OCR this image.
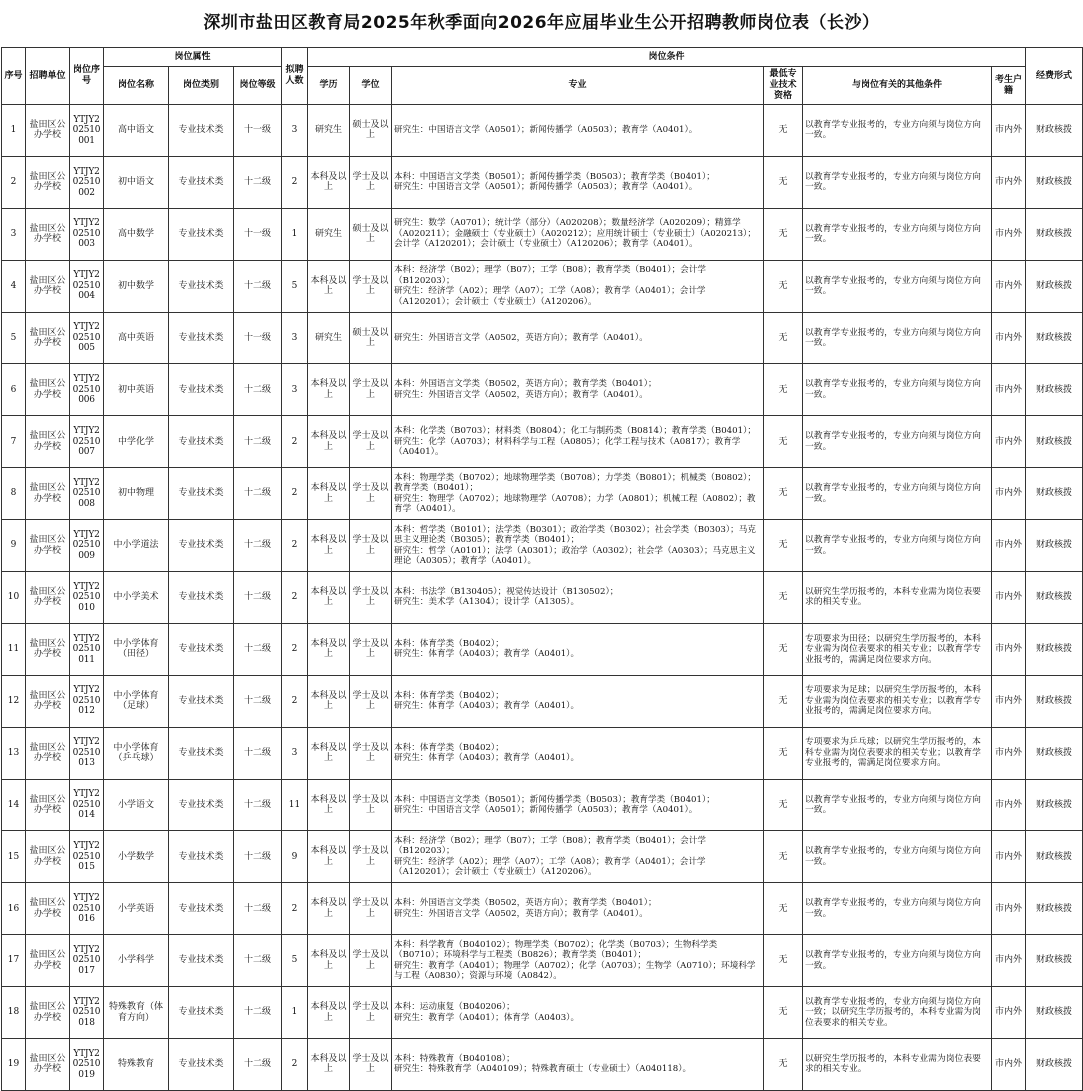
深圳市盐田区教育局2025年秋季面向2026年应届毕业生公开招聘教师岗位表（长沙）
序号	招聘单位	岗位序号	岗位属性			拟聘人数	岗位条件						经费形式
			岗位名称	岗位类别	岗位等级		学历	学位	专业	最低专业技术资格	与岗位有关的其他条件	考生户籍	
1	盐田区公办学校	YTJY202510001	高中语文	专业技术类	十一级	3	研究生	硕士及以上	研究生：中国语言文学（A0501）；新闻传播学（A0503）；教育学（A0401）。	无	以教育学专业报考的，专业方向须与岗位方向一致。	市内外	财政核拨
2	盐田区公办学校	YTJY202510002	初中语文	专业技术类	十二级	2	本科及以上	学士及以上	本科：中国语言文学类（B0501）；新闻传播学类（B0503）；教育学类（B0401）；
研究生：中国语言文学（A0501）；新闻传播学（A0503）；教育学（A0401）。	无	以教育学专业报考的，专业方向须与岗位方向一致。	市内外	财政核拨
3	盐田区公办学校	YTJY202510003	高中数学	专业技术类	十一级	1	研究生	硕士及以上	研究生：数学（A0701）；统计学（部分）（A020208）；数量经济学（A020209）；精算学（A020211）；金融硕士（专业硕士）（A020212）；应用统计硕士（专业硕士）（A020213）；会计学（A120201）；会计硕士（专业硕士）（A120206）；教育学（A0401）。	无	以教育学专业报考的，专业方向须与岗位方向一致。	市内外	财政核拨
4	盐田区公办学校	YTJY202510004	初中数学	专业技术类	十二级	5	本科及以上	学士及以上	本科：经济学（B02）；理学（B07）；工学（B08）；教育学类（B0401）；会计学（B120203）；
研究生：经济学（A02）；理学（A07）；工学（A08）；教育学（A0401）；会计学（A120201）；会计硕士（专业硕士）（A120206）。	无	以教育学专业报考的，专业方向须与岗位方向一致。	市内外	财政核拨
5	盐田区公办学校	YTJY202510005	高中英语	专业技术类	十一级	3	研究生	硕士及以上	研究生：外国语言文学（A0502，英语方向）；教育学（A0401）。	无	以教育学专业报考的，专业方向须与岗位方向一致。	市内外	财政核拨
6	盐田区公办学校	YTJY202510006	初中英语	专业技术类	十二级	3	本科及以上	学士及以上	本科：外国语言文学类（B0502，英语方向）；教育学类（B0401）；
研究生：外国语言文学（A0502，英语方向）；教育学（A0401）。	无	以教育学专业报考的，专业方向须与岗位方向一致。	市内外	财政核拨
7	盐田区公办学校	YTJY202510007	中学化学	专业技术类	十二级	2	本科及以上	学士及以上	本科：化学类（B0703）；材料类（B0804）；化工与制药类（B0814）；教育学类（B0401）；
研究生：化学（A0703）；材料科学与工程（A0805）；化学工程与技术（A0817）；教育学（A0401）。	无	以教育学专业报考的，专业方向须与岗位方向一致。	市内外	财政核拨
8	盐田区公办学校	YTJY202510008	初中物理	专业技术类	十二级	2	本科及以上	学士及以上	本科：物理学类（B0702）；地球物理学类（B0708）；力学类（B0801）；机械类（B0802）；教育学类（B0401）；
研究生：物理学（A0702）；地球物理学（A0708）；力学（A0801）；机械工程（A0802）；教育学（A0401）。	无	以教育学专业报考的，专业方向须与岗位方向一致。	市内外	财政核拨
9	盐田区公办学校	YTJY202510009	中小学道法	专业技术类	十二级	2	本科及以上	学士及以上	本科：哲学类（B0101）；法学类（B0301）；政治学类（B0302）；社会学类（B0303）；马克思主义理论类（B0305）；教育学类（B0401）；
研究生：哲学（A0101）；法学（A0301）；政治学（A0302）；社会学（A0303）；马克思主义理论（A0305）；教育学（A0401）。	无	以教育学专业报考的，专业方向须与岗位方向一致。	市内外	财政核拨
10	盐田区公办学校	YTJY202510010	中小学美术	专业技术类	十二级	2	本科及以上	学士及以上	本科：书法学（B130405）；视觉传达设计（B130502）；
研究生：美术学（A1304）；设计学（A1305）。	无	以研究生学历报考的，本科专业需为岗位表要求的相关专业。	市内外	财政核拨
11	盐田区公办学校	YTJY202510011	中小学体育（田径）	专业技术类	十二级	2	本科及以上	学士及以上	本科：体育学类（B0402）；
研究生：体育学（A0403）；教育学（A0401）。	无	专项要求为田径；以研究生学历报考的，本科专业需为岗位表要求的相关专业；以教育学专业报考的，需满足岗位要求方向。	市内外	财政核拨
12	盐田区公办学校	YTJY202510012	中小学体育（足球）	专业技术类	十二级	2	本科及以上	学士及以上	本科：体育学类（B0402）；
研究生：体育学（A0403）；教育学（A0401）。	无	专项要求为足球；以研究生学历报考的，本科专业需为岗位表要求的相关专业；以教育学专业报考的，需满足岗位要求方向。	市内外	财政核拨
13	盐田区公办学校	YTJY202510013	中小学体育（乒乓球）	专业技术类	十二级	3	本科及以上	学士及以上	本科：体育学类（B0402）；
研究生：体育学（A0403）；教育学（A0401）。	无	专项要求为乒乓球；以研究生学历报考的，本科专业需为岗位表要求的相关专业；以教育学专业报考的，需满足岗位要求方向。	市内外	财政核拨
14	盐田区公办学校	YTJY202510014	小学语文	专业技术类	十二级	11	本科及以上	学士及以上	本科：中国语言文学类（B0501）；新闻传播学类（B0503）；教育学类（B0401）；
研究生：中国语言文学（A0501）；新闻传播学（A0503）；教育学（A0401）。	无	以教育学专业报考的，专业方向须与岗位方向一致。	市内外	财政核拨
15	盐田区公办学校	YTJY202510015	小学数学	专业技术类	十二级	9	本科及以上	学士及以上	本科：经济学（B02）；理学（B07）；工学（B08）；教育学类（B0401）；会计学（B120203）；
研究生：经济学（A02）；理学（A07）；工学（A08）；教育学（A0401）；会计学（A120201）；会计硕士（专业硕士）（A120206）。	无	以教育学专业报考的，专业方向须与岗位方向一致。	市内外	财政核拨
16	盐田区公办学校	YTJY202510016	小学英语	专业技术类	十二级	2	本科及以上	学士及以上	本科：外国语言文学类（B0502，英语方向）；教育学类（B0401）；
研究生：外国语言文学（A0502，英语方向）；教育学（A0401）。	无	以教育学专业报考的，专业方向须与岗位方向一致。	市内外	财政核拨
17	盐田区公办学校	YTJY202510017	小学科学	专业技术类	十二级	5	本科及以上	学士及以上	本科：科学教育（B040102）；物理学类（B0702）；化学类（B0703）；生物科学类（B0710）；环境科学与工程类（B0826）；教育学类（B0401）；
研究生：教育学（A0401）；物理学（A0702）；化学（A0703）；生物学（A0710）；环境科学与工程（A0830）；资源与环境（A0842）。	无	以教育学专业报考的，专业方向须与岗位方向一致。	市内外	财政核拨
18	盐田区公办学校	YTJY202510018	特殊教育（体育方向）	专业技术类	十二级	1	本科及以上	学士及以上	本科：运动康复（B040206）；
研究生：教育学（A0401）；体育学（A0403）。	无	以教育学专业报考的，专业方向须与岗位方向一致；以研究生学历报考的，本科专业需为岗位表要求的相关专业。	市内外	财政核拨
19	盐田区公办学校	YTJY202510019	特殊教育	专业技术类	十二级	2	本科及以上	学士及以上	本科：特殊教育（B040108）；
研究生：特殊教育学（A040109）；特殊教育硕士（专业硕士）（A040118）。	无	以研究生学历报考的，本科专业需为岗位表要求的相关专业。	市内外	财政核拨
